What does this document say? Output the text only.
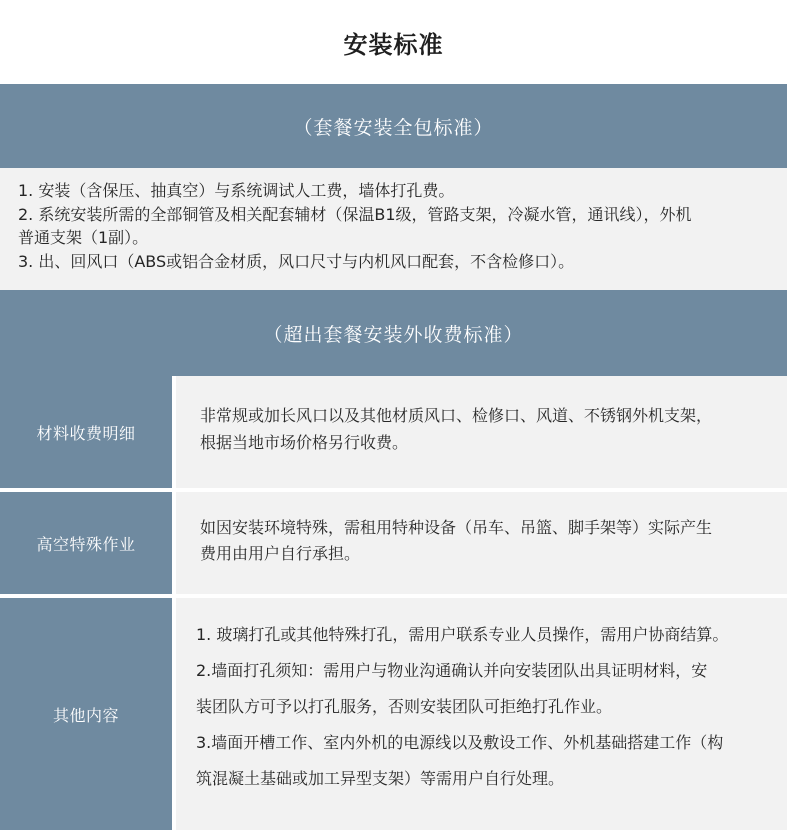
安装标准
（套餐安装全包标准）
1. 安装（含保压、抽真空）与系统调试人工费，墙体打孔费。
2. 系统安装所需的全部铜管及相关配套辅材（保温B1级，管路支架，冷凝水管，通讯线），外机
普通支架（1副）。
3. 出、回风口（ABS或铝合金材质，风口尺寸与内机风口配套，不含检修口）。
（超出套餐安装外收费标准）
材料收费明细
非常规或加长风口以及其他材质风口、检修口、风道、不锈钢外机支架，
根据当地市场价格另行收费。
高空特殊作业
如因安装环境特殊，需租用特种设备（吊车、吊篮、脚手架等）实际产生
费用由用户自行承担。
其他内容
1. 玻璃打孔或其他特殊打孔，需用户联系专业人员操作，需用户协商结算。
2.墙面打孔须知：需用户与物业沟通确认并向安装团队出具证明材料，安
装团队方可予以打孔服务，否则安装团队可拒绝打孔作业。
3.墙面开槽工作、室内外机的电源线以及敷设工作、外机基础搭建工作（构
筑混凝土基础或加工异型支架）等需用户自行处理。
